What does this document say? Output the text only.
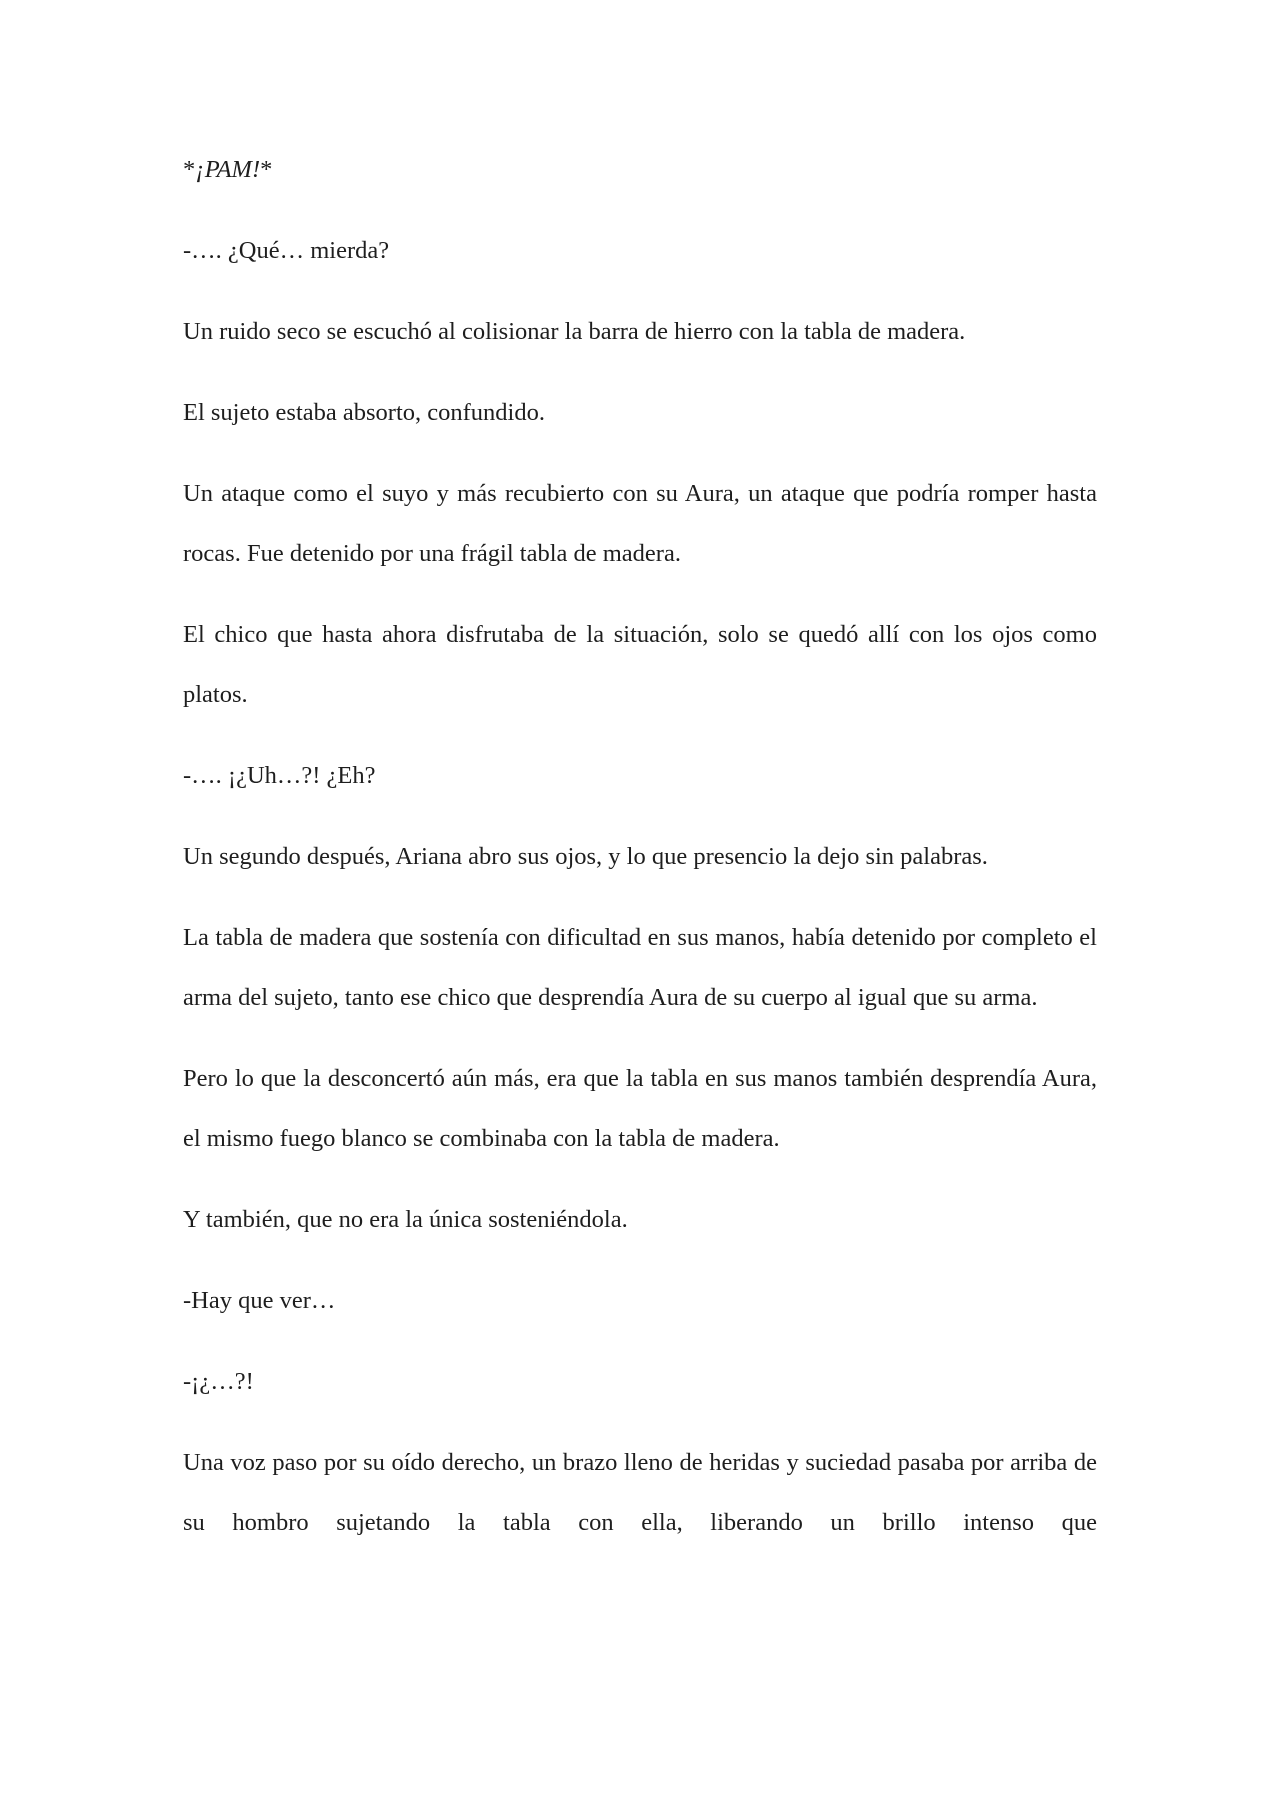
*¡PAM!*

-…. ¿Qué… mierda?

Un ruido seco se escuchó al colisionar la barra de hierro con la tabla de madera.

El sujeto estaba absorto, confundido.

Un ataque como el suyo y más recubierto con su Aura, un ataque que podría romper hasta rocas. Fue detenido por una frágil tabla de madera.

El chico que hasta ahora disfrutaba de la situación, solo se quedó allí con los ojos como platos.

-…. ¡¿Uh…?! ¿Eh?

Un segundo después, Ariana abro sus ojos, y lo que presencio la dejo sin palabras.

La tabla de madera que sostenía con dificultad en sus manos, había detenido por completo el arma del sujeto, tanto ese chico que desprendía Aura de su cuerpo al igual que su arma.

Pero lo que la desconcertó aún más, era que la tabla en sus manos también desprendía Aura, el mismo fuego blanco se combinaba con la tabla de madera.

Y también, que no era la única sosteniéndola.

-Hay que ver…

-¡¿…?!

Una voz paso por su oído derecho, un brazo lleno de heridas y suciedad pasaba por arriba de su hombro sujetando la tabla con ella, liberando un brillo intenso que
